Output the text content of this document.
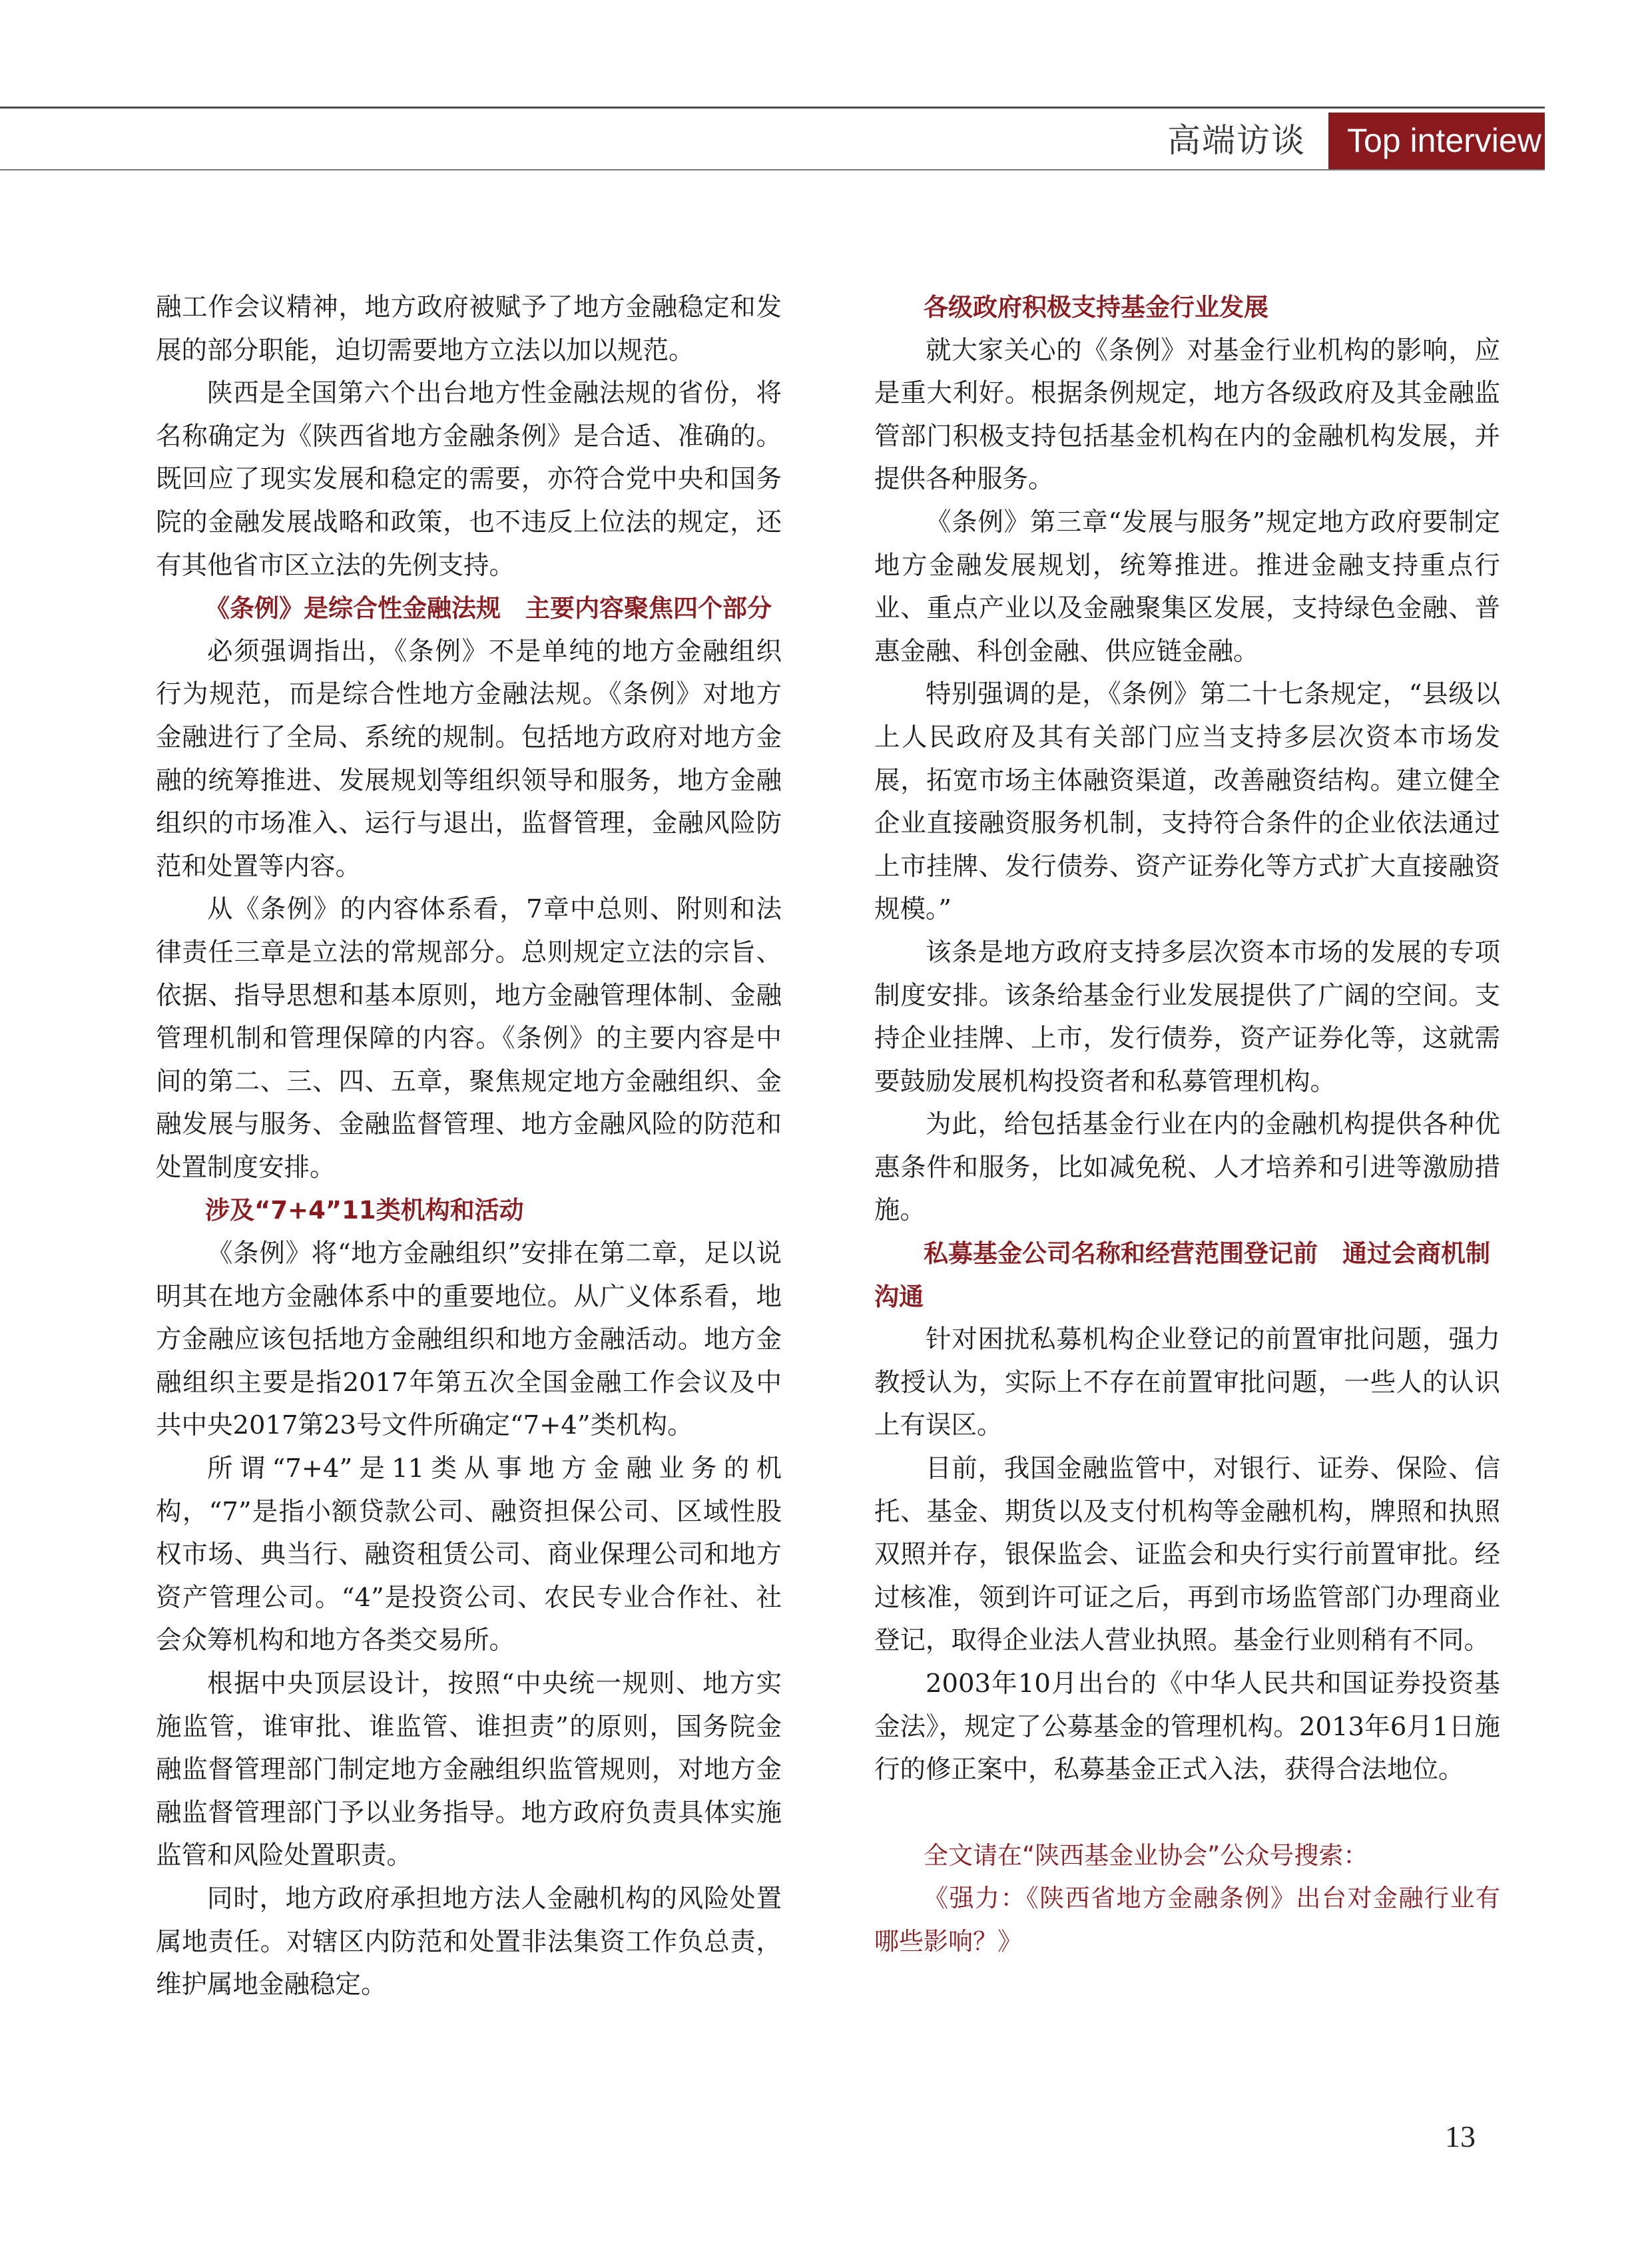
高端访谈	Top interview

融工作会议精神，地方政府被赋予了地方金融稳定和发展的部分职能，迫切需要地方立法以加以规范。

陕西是全国第六个出台地方性金融法规的省份，将名称确定为《陕西省地方金融条例》是合适、准确的。既回应了现实发展和稳定的需要，亦符合党中央和国务院的金融发展战略和政策，也不违反上位法的规定，还有其他省市区立法的先例支持。

《条例》是综合性金融法规　主要内容聚焦四个部分

必须强调指出，《条例》不是单纯的地方金融组织行为规范，而是综合性地方金融法规。《条例》对地方金融进行了全局、系统的规制。包括地方政府对地方金融的统筹推进、发展规划等组织领导和服务，地方金融组织的市场准入、运行与退出，监督管理，金融风险防范和处置等内容。

从《条例》的内容体系看，7章中总则、附则和法律责任三章是立法的常规部分。总则规定立法的宗旨、依据、指导思想和基本原则，地方金融管理体制、金融管理机制和管理保障的内容。《条例》的主要内容是中间的第二、三、四、五章，聚焦规定地方金融组织、金融发展与服务、金融监督管理、地方金融风险的防范和处置制度安排。

涉及“7+4”11类机构和活动

《条例》将“地方金融组织”安排在第二章，足以说明其在地方金融体系中的重要地位。从广义体系看，地方金融应该包括地方金融组织和地方金融活动。地方金融组织主要是指2017年第五次全国金融工作会议及中共中央2017第23号文件所确定“7+4”类机构。

所谓“7+4”是11类从事地方金融业务的机构，“7”是指小额贷款公司、融资担保公司、区域性股权市场、典当行、融资租赁公司、商业保理公司和地方资产管理公司。“4”是投资公司、农民专业合作社、社会众筹机构和地方各类交易所。

根据中央顶层设计，按照“中央统一规则、地方实施监管，谁审批、谁监管、谁担责”的原则，国务院金融监督管理部门制定地方金融组织监管规则，对地方金融监督管理部门予以业务指导。地方政府负责具体实施监管和风险处置职责。

同时，地方政府承担地方法人金融机构的风险处置属地责任。对辖区内防范和处置非法集资工作负总责，维护属地金融稳定。

各级政府积极支持基金行业发展

就大家关心的《条例》对基金行业机构的影响，应是重大利好。根据条例规定，地方各级政府及其金融监管部门积极支持包括基金机构在内的金融机构发展，并提供各种服务。

《条例》第三章“发展与服务”规定地方政府要制定地方金融发展规划，统筹推进。推进金融支持重点行业、重点产业以及金融聚集区发展，支持绿色金融、普惠金融、科创金融、供应链金融。

特别强调的是，《条例》第二十七条规定，“县级以上人民政府及其有关部门应当支持多层次资本市场发展，拓宽市场主体融资渠道，改善融资结构。建立健全企业直接融资服务机制，支持符合条件的企业依法通过上市挂牌、发行债券、资产证券化等方式扩大直接融资规模。”

该条是地方政府支持多层次资本市场的发展的专项制度安排。该条给基金行业发展提供了广阔的空间。支持企业挂牌、上市，发行债券，资产证券化等，这就需要鼓励发展机构投资者和私募管理机构。

为此，给包括基金行业在内的金融机构提供各种优惠条件和服务，比如减免税、人才培养和引进等激励措施。

私募基金公司名称和经营范围登记前　通过会商机制沟通

针对困扰私募机构企业登记的前置审批问题，强力教授认为，实际上不存在前置审批问题，一些人的认识上有误区。

目前，我国金融监管中，对银行、证券、保险、信托、基金、期货以及支付机构等金融机构，牌照和执照双照并存，银保监会、证监会和央行实行前置审批。经过核准，领到许可证之后，再到市场监管部门办理商业登记，取得企业法人营业执照。基金行业则稍有不同。

2003年10月出台的《中华人民共和国证券投资基金法》，规定了公募基金的管理机构。2013年6月1日施行的修正案中，私募基金正式入法，获得合法地位。

全文请在“陕西基金业协会”公众号搜索：

《强力：《陕西省地方金融条例》出台对金融行业有哪些影响？》

13
